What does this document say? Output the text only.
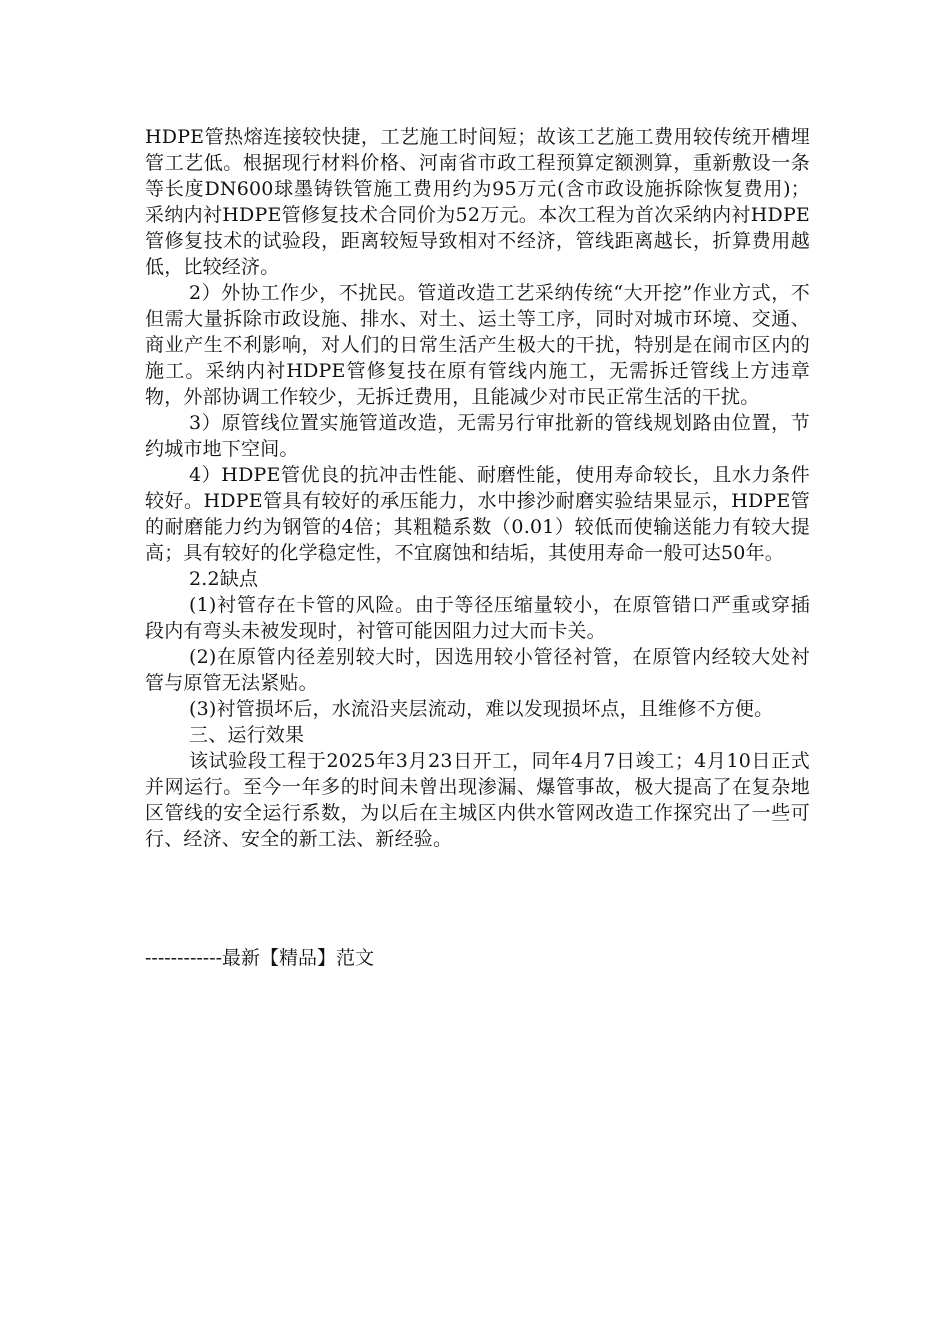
HDPE管热熔连接较快捷，工艺施工时间短；故该工艺施工费用较传统开槽埋管工艺低。根据现行材料价格、河南省市政工程预算定额测算，重新敷设一条等长度DN600球墨铸铁管施工费用约为95万元(含市政设施拆除恢复费用)；采纳内衬HDPE管修复技术合同价为52万元。本次工程为首次采纳内衬HDPE管修复技术的试验段，距离较短导致相对不经济，管线距离越长，折算费用越低，比较经济。

2）外协工作少，不扰民。管道改造工艺采纳传统“大开挖”作业方式，不但需大量拆除市政设施、排水、对土、运土等工序，同时对城市环境、交通、商业产生不利影响，对人们的日常生活产生极大的干扰，特别是在闹市区内的施工。采纳内衬HDPE管修复技在原有管线内施工，无需拆迁管线上方违章物，外部协调工作较少，无拆迁费用，且能减少对市民正常生活的干扰。

3）原管线位置实施管道改造，无需另行审批新的管线规划路由位置，节约城市地下空间。

4）HDPE管优良的抗冲击性能、耐磨性能，使用寿命较长，且水力条件较好。HDPE管具有较好的承压能力，水中掺沙耐磨实验结果显示，HDPE管的耐磨能力约为钢管的4倍；其粗糙系数（0.01）较低而使输送能力有较大提高；具有较好的化学稳定性，不宜腐蚀和结垢，其使用寿命一般可达50年。

2.2缺点

(1)衬管存在卡管的风险。由于等径压缩量较小，在原管错口严重或穿插段内有弯头未被发现时，衬管可能因阻力过大而卡关。

(2)在原管内径差别较大时，因选用较小管径衬管，在原管内经较大处衬管与原管无法紧贴。

(3)衬管损坏后，水流沿夹层流动，难以发现损坏点，且维修不方便。

三、运行效果

该试验段工程于2025年3月23日开工，同年4月7日竣工；4月10日正式并网运行。至今一年多的时间未曾出现渗漏、爆管事故，极大提高了在复杂地区管线的安全运行系数，为以后在主城区内供水管网改造工作探究出了一些可行、经济、安全的新工法、新经验。

------------最新【精品】范文
